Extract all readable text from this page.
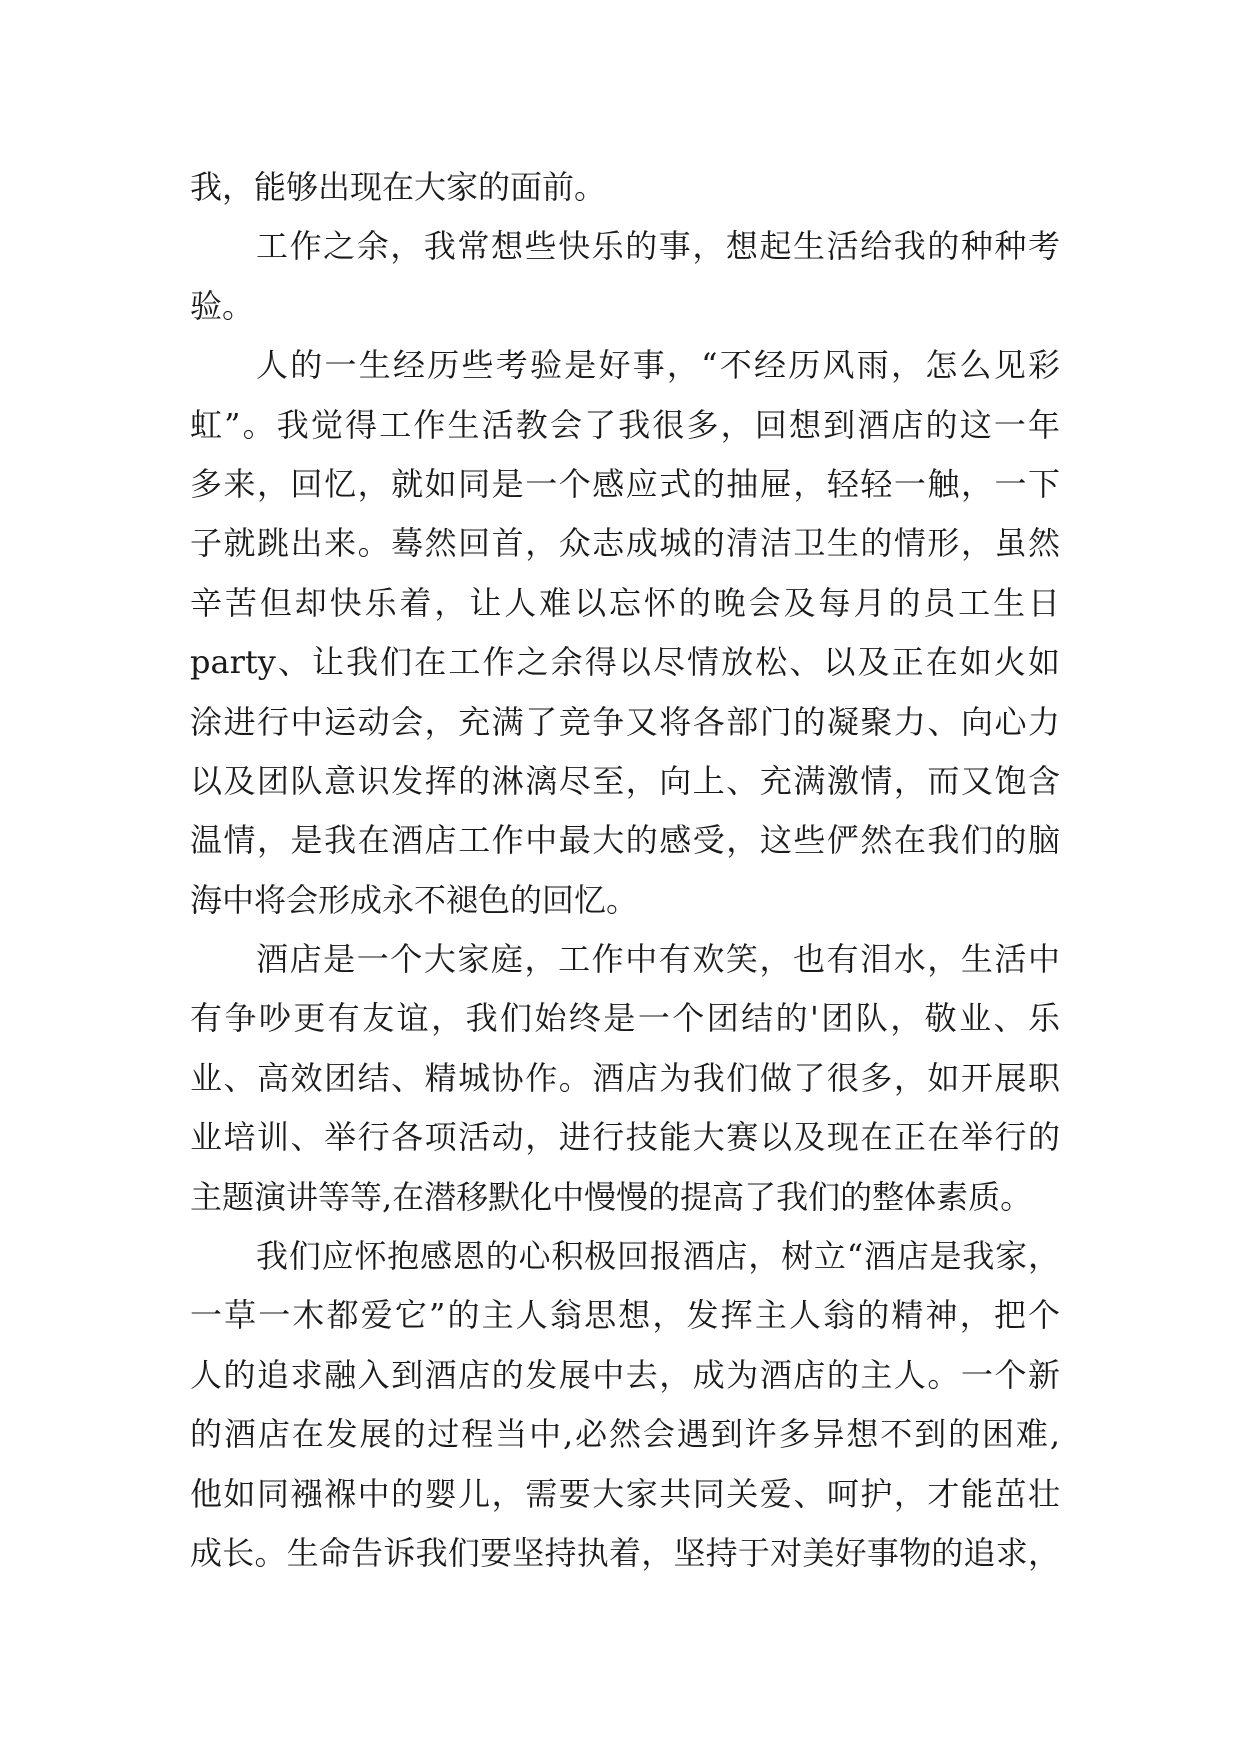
我，能够出现在大家的面前。
工作之余，我常想些快乐的事，想起生活给我的种种考
验。
人的一生经历些考验是好事，“不经历风雨，怎么见彩
虹”。我觉得工作生活教会了我很多，回想到酒店的这一年
多来，回忆，就如同是一个感应式的抽屉，轻轻一触，一下
子就跳出来。蓦然回首，众志成城的清洁卫生的情形，虽然
辛苦但却快乐着，让人难以忘怀的晚会及每月的员工生日
party、让我们在工作之余得以尽情放松、以及正在如火如
涂进行中运动会，充满了竞争又将各部门的凝聚力、向心力
以及团队意识发挥的淋漓尽至，向上、充满激情，而又饱含
温情，是我在酒店工作中最大的感受，这些俨然在我们的脑
海中将会形成永不褪色的回忆。
酒店是一个大家庭，工作中有欢笑，也有泪水，生活中
有争吵更有友谊，我们始终是一个团结的'团队，敬业、乐
业、高效团结、精城协作。酒店为我们做了很多，如开展职
业培训、举行各项活动，进行技能大赛以及现在正在举行的
主题演讲等等,在潜移默化中慢慢的提高了我们的整体素质。
我们应怀抱感恩的心积极回报酒店，树立“酒店是我家，
一草一木都爱它”的主人翁思想，发挥主人翁的精神，把个
人的追求融入到酒店的发展中去，成为酒店的主人。一个新
的酒店在发展的过程当中,必然会遇到许多异想不到的困难,
他如同襁褓中的婴儿，需要大家共同关爱、呵护，才能茁壮
成长。生命告诉我们要坚持执着，坚持于对美好事物的追求，
